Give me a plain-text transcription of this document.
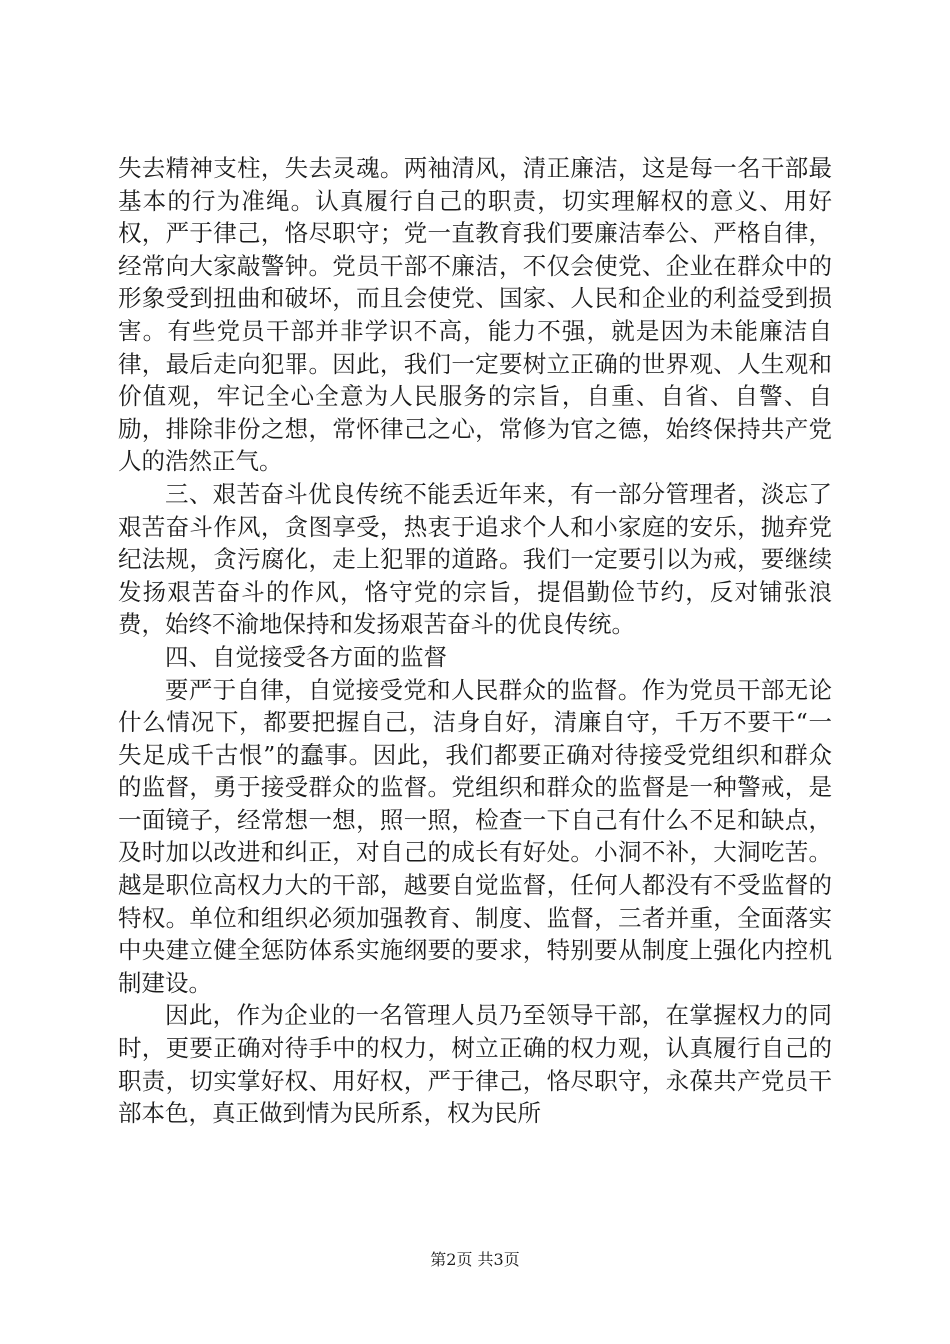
失去精神支柱，失去灵魂。两袖清风，清正廉洁，这是每一名干部最基本的行为准绳。认真履行自己的职责，切实理解权的意义、用好权，严于律己，恪尽职守；党一直教育我们要廉洁奉公、严格自律，经常向大家敲警钟。党员干部不廉洁，不仅会使党、企业在群众中的形象受到扭曲和破坏，而且会使党、国家、人民和企业的利益受到损害。有些党员干部并非学识不高，能力不强，就是因为未能廉洁自律，最后走向犯罪。因此，我们一定要树立正确的世界观、人生观和价值观，牢记全心全意为人民服务的宗旨，自重、自省、自警、自励，排除非份之想，常怀律己之心，常修为官之德，始终保持共产党人的浩然正气。

三、艰苦奋斗优良传统不能丢近年来，有一部分管理者，淡忘了艰苦奋斗作风，贪图享受，热衷于追求个人和小家庭的安乐，抛弃党纪法规，贪污腐化，走上犯罪的道路。我们一定要引以为戒，要继续发扬艰苦奋斗的作风，恪守党的宗旨，提倡勤俭节约，反对铺张浪费，始终不渝地保持和发扬艰苦奋斗的优良传统。

四、自觉接受各方面的监督

要严于自律，自觉接受党和人民群众的监督。作为党员干部无论什么情况下，都要把握自己，洁身自好，清廉自守，千万不要干“一失足成千古恨”的蠢事。因此，我们都要正确对待接受党组织和群众的监督，勇于接受群众的监督。党组织和群众的监督是一种警戒，是一面镜子，经常想一想，照一照，检查一下自己有什么不足和缺点，及时加以改进和纠正，对自己的成长有好处。小洞不补，大洞吃苦。越是职位高权力大的干部，越要自觉监督，任何人都没有不受监督的特权。单位和组织必须加强教育、制度、监督，三者并重，全面落实中央建立健全惩防体系实施纲要的要求，特别要从制度上强化内控机制建设。

因此，作为企业的一名管理人员乃至领导干部，在掌握权力的同时，更要正确对待手中的权力，树立正确的权力观，认真履行自己的职责，切实掌好权、用好权，严于律己，恪尽职守，永葆共产党员干部本色，真正做到情为民所系，权为民所

第2页 共3页
